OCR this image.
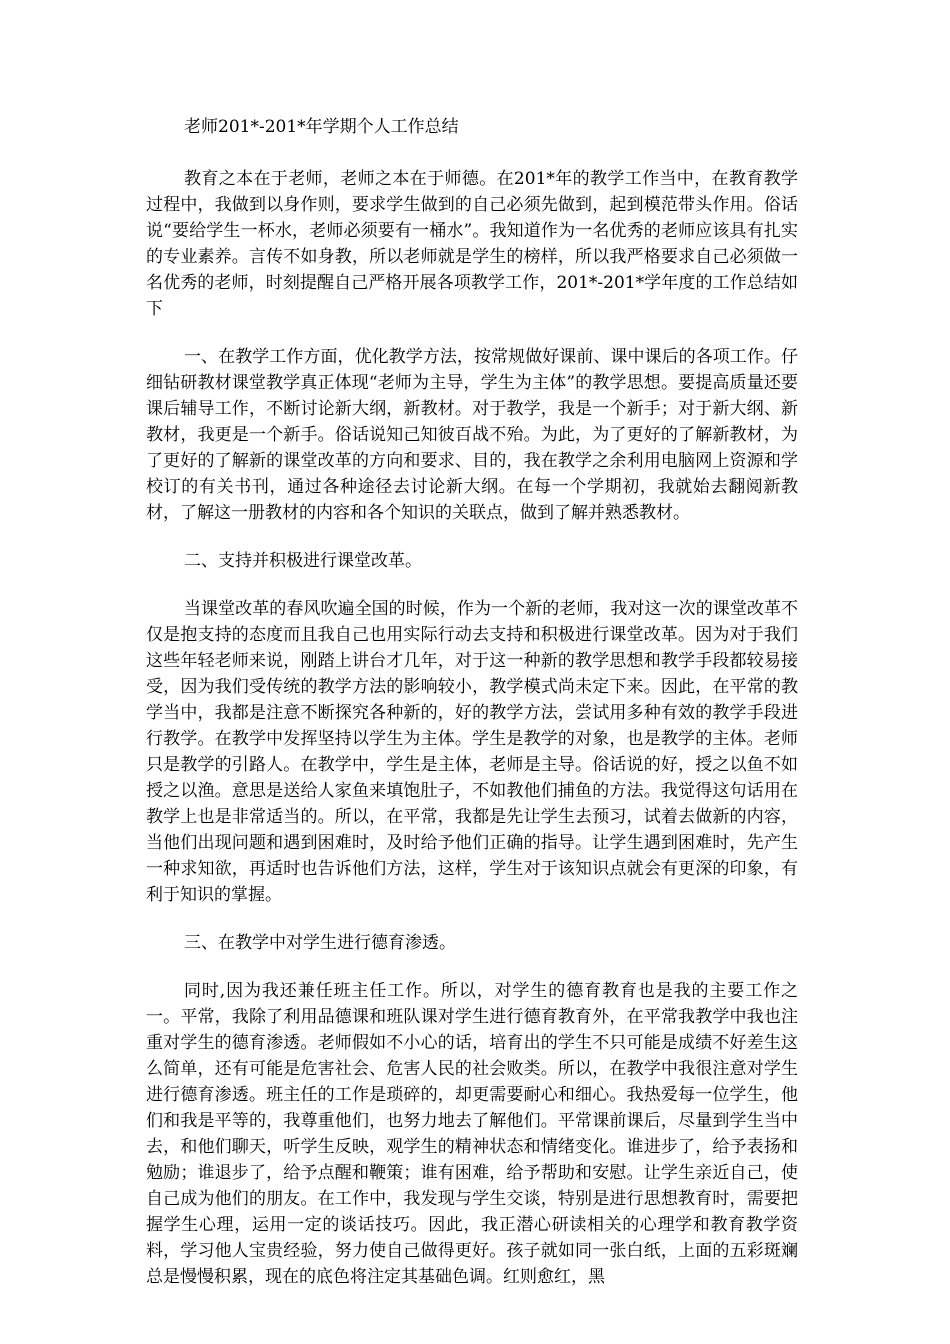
老师201*-201*年学期个人工作总结

教育之本在于老师，老师之本在于师德。在201*年的教学工作当中，在教育教学过程中，我做到以身作则，要求学生做到的自己必须先做到，起到模范带头作用。俗话说“要给学生一杯水，老师必须要有一桶水”。我知道作为一名优秀的老师应该具有扎实的专业素养。言传不如身教，所以老师就是学生的榜样，所以我严格要求自己必须做一名优秀的老师，时刻提醒自己严格开展各项教学工作，201*-201*学年度的工作总结如下

一、在教学工作方面，优化教学方法，按常规做好课前、课中课后的各项工作。仔细钻研教材课堂教学真正体现“老师为主导，学生为主体”的教学思想。要提高质量还要课后辅导工作，不断讨论新大纲，新教材。对于教学，我是一个新手；对于新大纲、新教材，我更是一个新手。俗话说知己知彼百战不殆。为此，为了更好的了解新教材，为了更好的了解新的课堂改革的方向和要求、目的，我在教学之余利用电脑网上资源和学校订的有关书刊，通过各种途径去讨论新大纲。在每一个学期初，我就始去翻阅新教材，了解这一册教材的内容和各个知识的关联点，做到了解并熟悉教材。

二、支持并积极进行课堂改革。

当课堂改革的春风吹遍全国的时候，作为一个新的老师，我对这一次的课堂改革不仅是抱支持的态度而且我自己也用实际行动去支持和积极进行课堂改革。因为对于我们这些年轻老师来说，刚踏上讲台才几年，对于这一种新的教学思想和教学手段都较易接受，因为我们受传统的教学方法的影响较小，教学模式尚未定下来。因此，在平常的教学当中，我都是注意不断探究各种新的，好的教学方法，尝试用多种有效的教学手段进行教学。在教学中发挥坚持以学生为主体。学生是教学的对象，也是教学的主体。老师只是教学的引路人。在教学中，学生是主体，老师是主导。俗话说的好，授之以鱼不如授之以渔。意思是送给人家鱼来填饱肚子，不如教他们捕鱼的方法。我觉得这句话用在教学上也是非常适当的。所以，在平常，我都是先让学生去预习，试着去做新的内容，当他们出现问题和遇到困难时，及时给予他们正确的指导。让学生遇到困难时，先产生一种求知欲，再适时也告诉他们方法，这样，学生对于该知识点就会有更深的印象，有利于知识的掌握。

三、在教学中对学生进行德育渗透。

同时,因为我还兼任班主任工作。所以，对学生的德育教育也是我的主要工作之一。平常，我除了利用品德课和班队课对学生进行德育教育外，在平常我教学中我也注重对学生的德育渗透。老师假如不小心的话，培育出的学生不只可能是成绩不好差生这么简单，还有可能是危害社会、危害人民的社会败类。所以，在教学中我很注意对学生进行德育渗透。班主任的工作是琐碎的，却更需要耐心和细心。我热爱每一位学生，他们和我是平等的，我尊重他们，也努力地去了解他们。平常课前课后，尽量到学生当中去，和他们聊天，听学生反映，观学生的精神状态和情绪变化。谁进步了，给予表扬和勉励；谁退步了，给予点醒和鞭策；谁有困难，给予帮助和安慰。让学生亲近自己，使自己成为他们的朋友。在工作中，我发现与学生交谈，特别是进行思想教育时，需要把握学生心理，运用一定的谈话技巧。因此，我正潜心研读相关的心理学和教育教学资料，学习他人宝贵经验，努力使自己做得更好。孩子就如同一张白纸，上面的五彩斑斓总是慢慢积累，现在的底色将注定其基础色调。红则愈红，黑
